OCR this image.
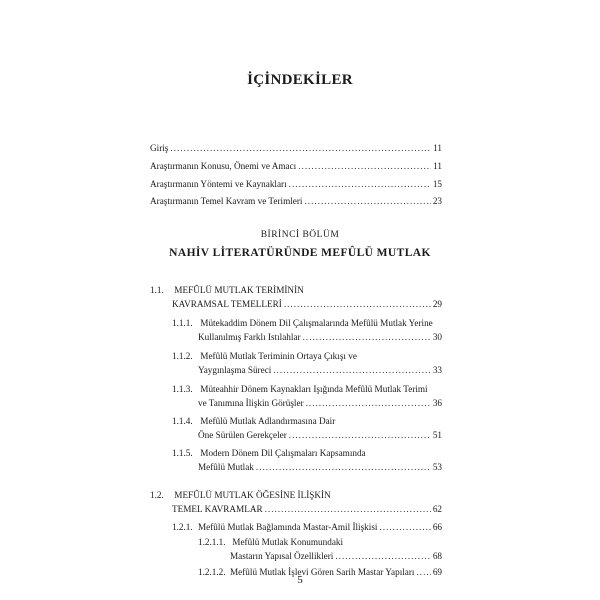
İÇİNDEKİLER
Giriş .....	11
Araştırmanın Konusu, Önemi ve Amacı .....	11
Araştırmanın Yöntemi ve Kaynakları .....	15
Araştırmanın Temel Kavram ve Terimleri .....	23
BİRİNCİ BÖLÜM
NAHİV LİTERATÜRÜNDE MEFÛLÜ MUTLAK
1.1. MEFÛLÜ MUTLAK TERİMİNİN
KAVRAMSAL TEMELLERİ .....	29
1.1.1. Mütekaddim Dönem Dil Çalışmalarında Mefûlü Mutlak Yerine
Kullanılmış Farklı Istılahlar .....	30
1.1.2. Mefûlü Mutlak Teriminin Ortaya Çıkışı ve
Yaygınlaşma Süreci .....	33
1.1.3. Müteahhir Dönem Kaynakları Işığında Mefûlü Mutlak Terimi
ve Tanımına İlişkin Görüşler .....	36
1.1.4. Mefûlü Mutlak Adlandırmasına Dair
Öne Sürülen Gerekçeler .....	51
1.1.5. Modern Dönem Dil Çalışmaları Kapsamında
Mefûlü Mutlak .....	53
1.2. MEFÛLÜ MUTLAK ÖĞESİNE İLİŞKİN
TEMEL KAVRAMLAR .....	62
1.2.1. Mefûlü Mutlak Bağlamında Mastar-Amil İlişkisi .....	66
1.2.1.1. Mefûlü Mutlak Konumundaki
Mastarın Yapısal Özellikleri .....	68
1.2.1.2. Mefûlü Mutlak İşlevi Gören Sarih Mastar Yapıları ..... 69
5
